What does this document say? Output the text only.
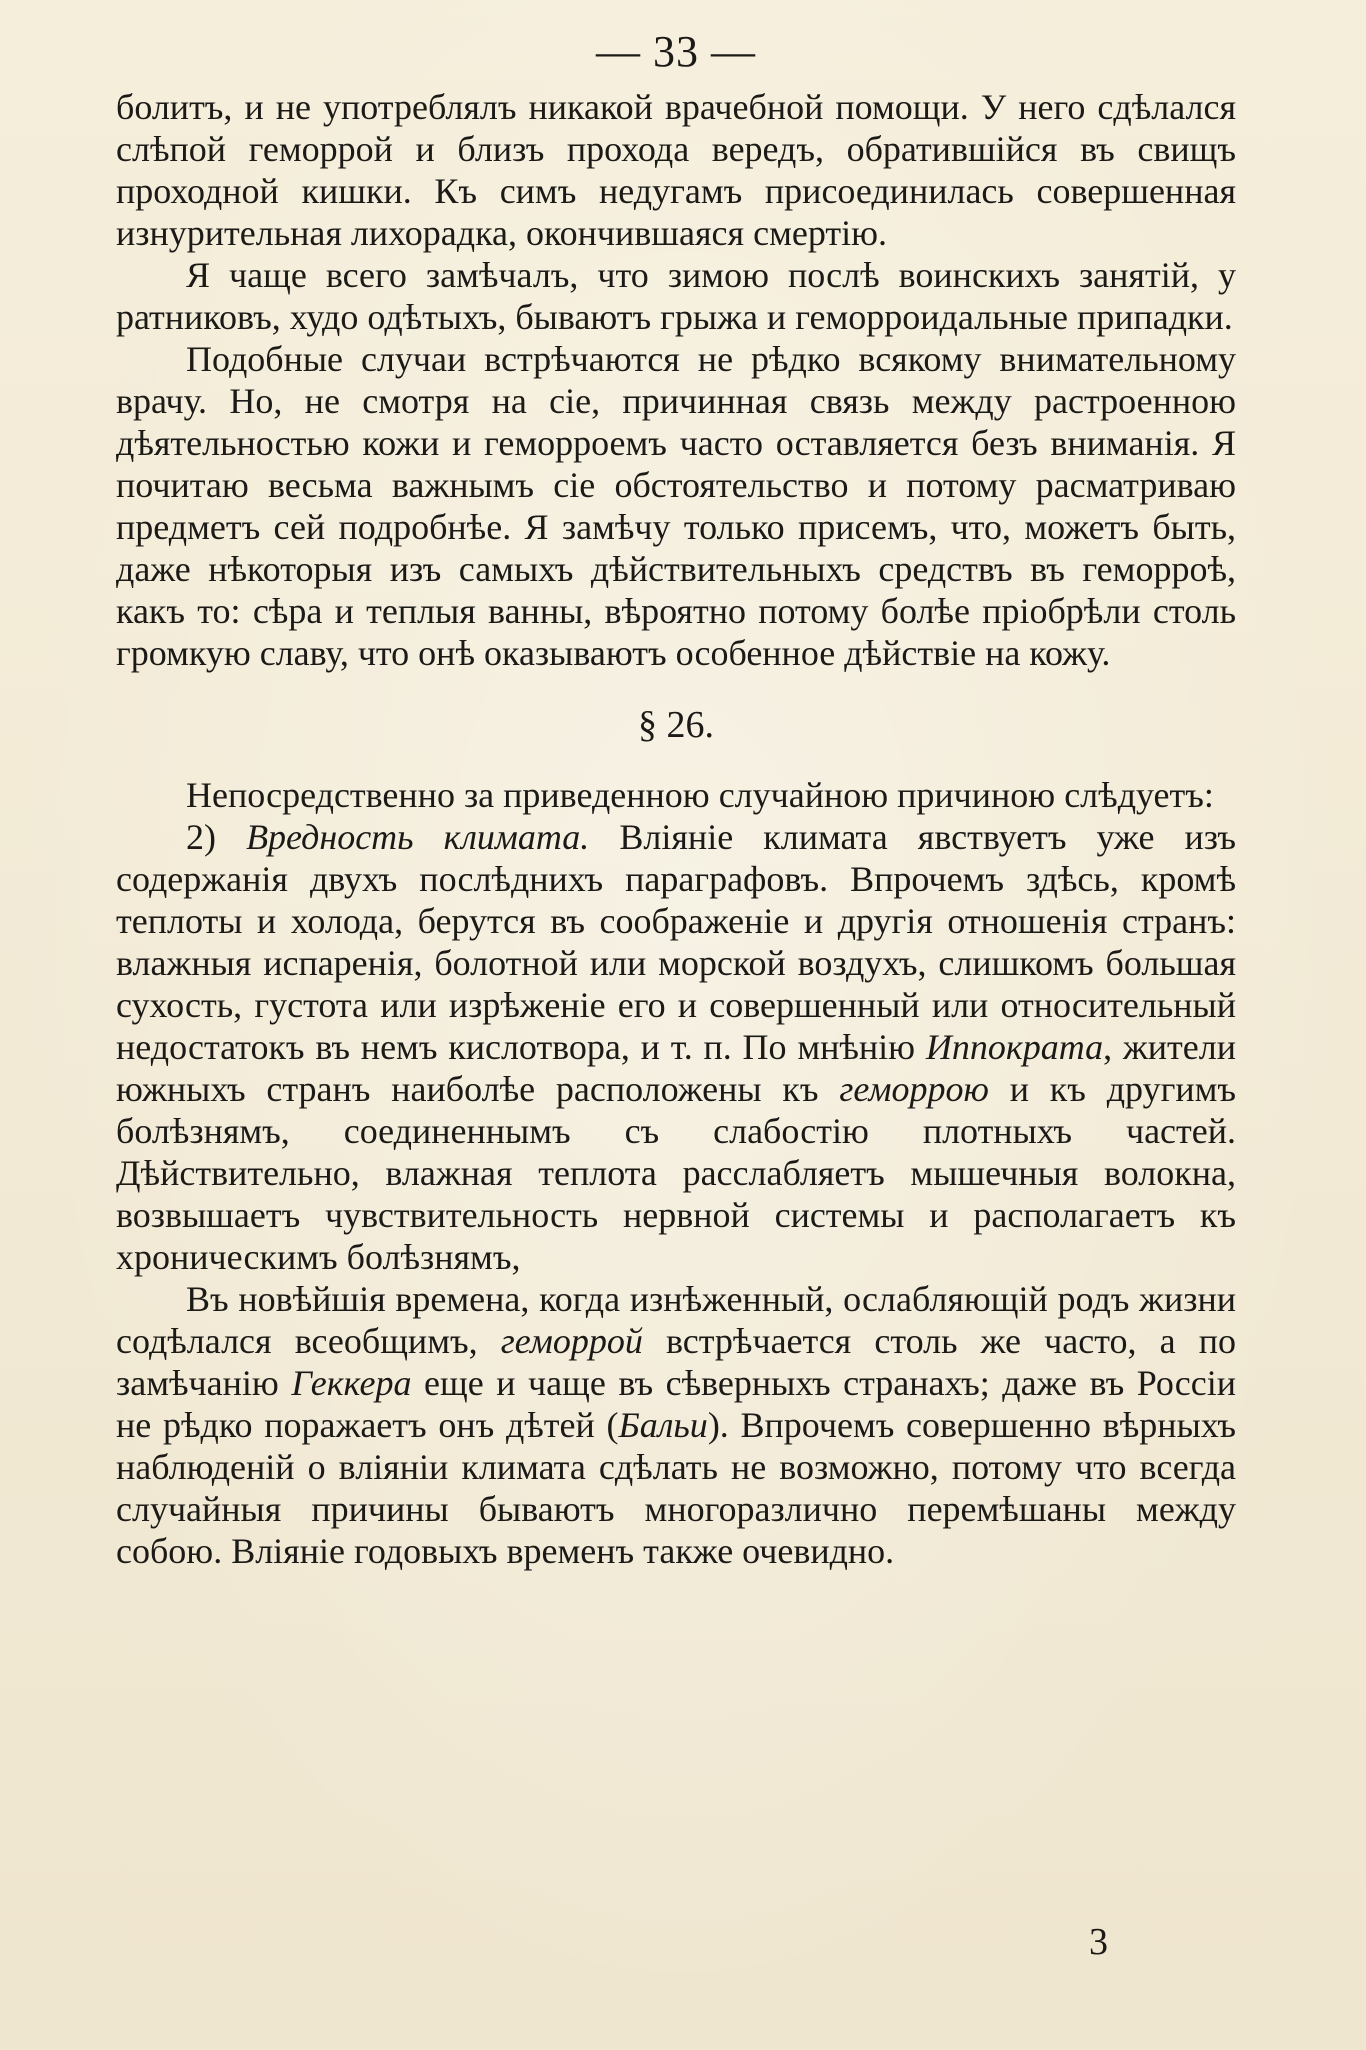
— 33 —

болитъ, и не употреблялъ никакой врачебной помощи. У него сдѣлался слѣпой геморрой и близъ прохода вередъ, обратившійся въ свищъ проходной кишки. Къ симъ недугамъ присоединилась совершенная изнурительная лихорадка, окончившаяся смертію.

Я чаще всего замѣчалъ, что зимою послѣ воинскихъ занятій, у ратниковъ, худо одѣтыхъ, бываютъ грыжа и геморроидальные припадки.

Подобные случаи встрѣчаются не рѣдко всякому внимательному врачу. Но, не смотря на сіе, причинная связь между растроенною дѣятельностью кожи и геморроемъ часто оставляется безъ вниманія. Я почитаю весьма важнымъ сіе обстоятельство и потому расматриваю предметъ сей подробнѣе. Я замѣчу только присемъ, что, можетъ быть, даже нѣкоторыя изъ самыхъ дѣйствительныхъ средствъ въ геморроѣ, какъ то: сѣра и теплыя ванны, вѣроятно потому болѣе пріобрѣли столь громкую славу, что онѣ оказываютъ особенное дѣйствіе на кожу.

§ 26.

Непосредственно за приведенною случайною причиною слѣдуетъ:

2) Вредность климата. Вліяніе климата явствуетъ уже изъ содержанія двухъ послѣднихъ параграфовъ. Впрочемъ здѣсь, кромѣ теплоты и холода, берутся въ соображеніе и другія отношенія странъ: влажныя испаренія, болотной или морской воздухъ, слишкомъ большая сухость, густота или изрѣженіе его и совершенный или относительный недостатокъ въ немъ кислотвора, и т. п. По мнѣнію Иппократа, жители южныхъ странъ наиболѣе расположены къ геморрою и къ другимъ болѣзнямъ, соединеннымъ съ слабостію плотныхъ частей. Дѣйствительно, влажная теплота расслабляетъ мышечныя волокна, возвышаетъ чувствительность нервной системы и располагаетъ къ хроническимъ болѣзнямъ,

Въ новѣйшія времена, когда изнѣженный, ослабляющій родъ жизни содѣлался всеобщимъ, геморрой встрѣчается столь же часто, а по замѣчанію Геккера еще и чаще въ сѣверныхъ странахъ; даже въ Россіи не рѣдко поражаетъ онъ дѣтей (Бальи). Впрочемъ совершенно вѣрныхъ наблюденій о вліяніи климата сдѣлать не возможно, потому что всегда случайныя причины бываютъ многоразлично перемѣшаны между собою. Вліяніе годовыхъ временъ также очевидно.

3
